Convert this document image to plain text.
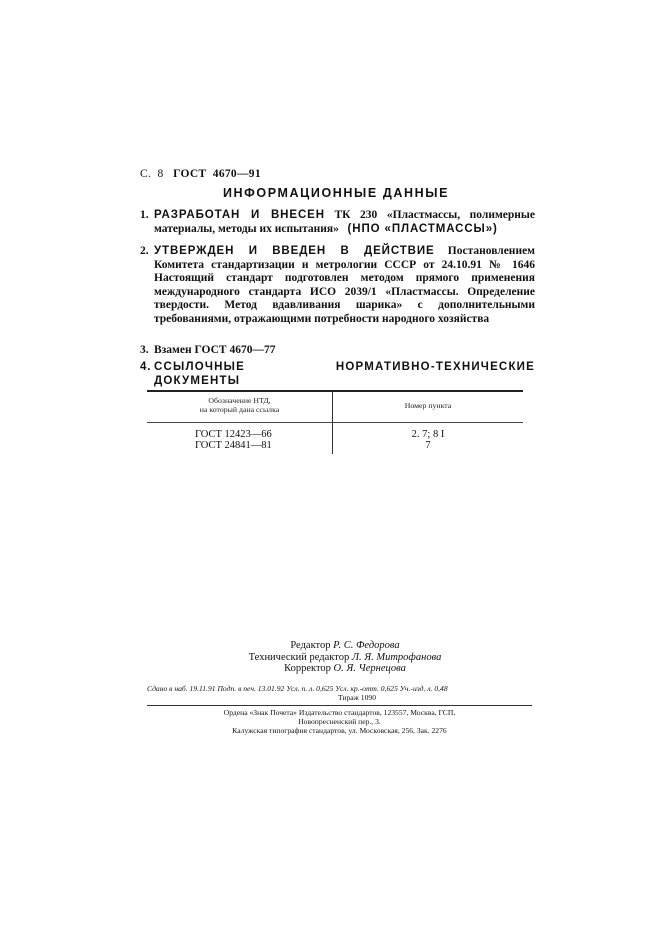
С. 8 ГОСТ 4670—91
ИНФОРМАЦИОННЫЕ ДАННЫЕ
1. РАЗРАБОТАН И ВНЕСЕН ТК 230 «Пластмассы, полимерные материалы, методы их испытания»   (НПО «ПЛАСТМАССЫ»)
2. УТВЕРЖДЕН И ВВЕДЕН В ДЕЙСТВИЕ Постановлением Комитета стандартизации и метрологии СССР от 24.10.91 № 1646 Настоящий стандарт подготовлен методом прямого применения международного стандарта ИСО 2039/1 «Пластмассы. Определение твердости. Метод вдавливания шарика» с дополнительными требованиями, отражающими потребности народного хозяйства
3. Взамен ГОСТ 4670—77
4. ССЫЛОЧНЫЕ НОРМАТИВНО-ТЕХНИЧЕСКИЕ ДОКУМЕНТЫ
Обозначение НТД,
на который дана ссылка	Номер пункта
ГОСТ 12423—66
ГОСТ 24841—81
2. 7; 8 I
7
Редактор Р. С. Федорова
Технический редактор Л. Я. Митрофанова
Корректор О. Я. Чернецова
Сдано в наб. 19.11.91 Подп. в печ. 13.01.92 Усл. п. л. 0,625 Усл. кр.-отт. 0,625 Уч.-изд. л. 0,48
Тираж 1090
Ордена «Знак Почета» Издательство стандартов, 123557, Москва, ГСП,
Новопресненский пер., 3.
Калужская типография стандартов, ул. Московская, 256, Зак. 2276
